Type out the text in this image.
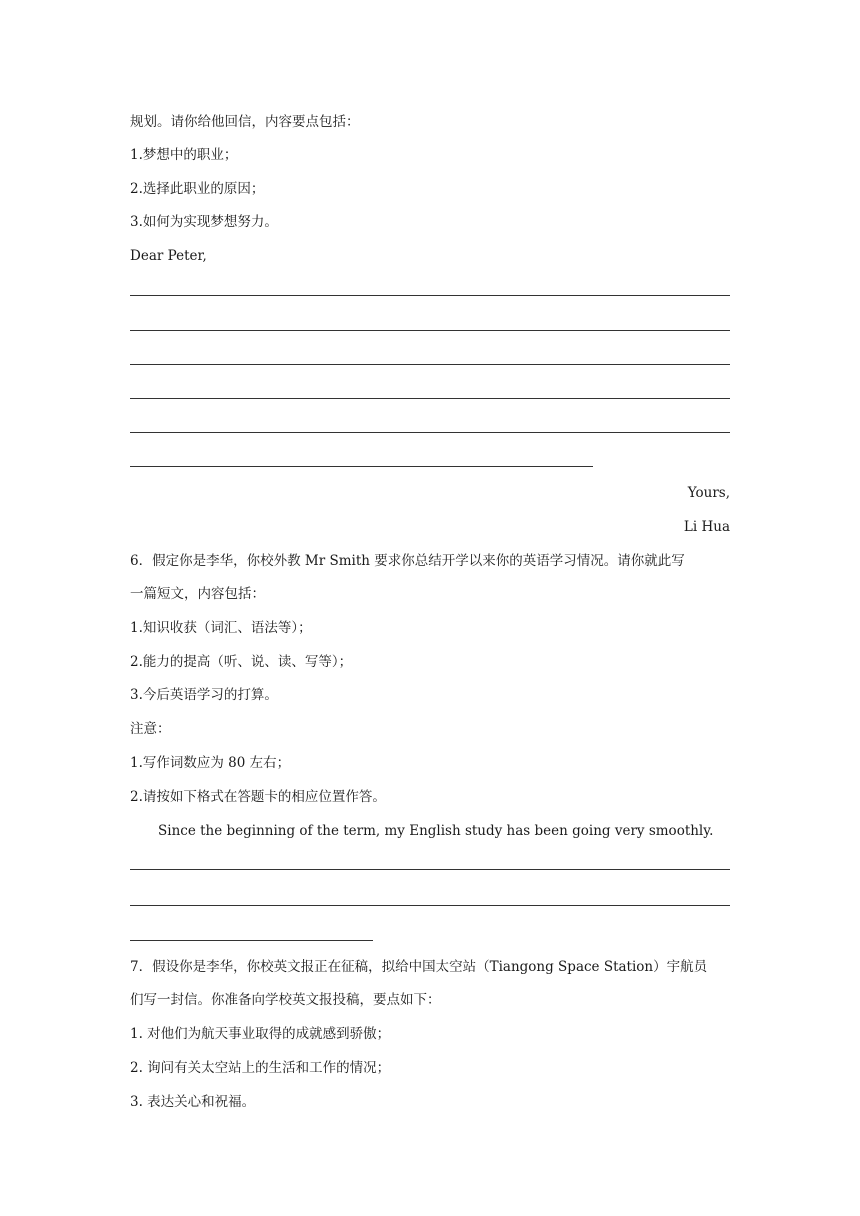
规划。请你给他回信，内容要点包括：
1.梦想中的职业；
2.选择此职业的原因；
3.如何为实现梦想努力。
Dear Peter,
Yours,
Li Hua
6．假定你是李华，你校外教 Mr Smith 要求你总结开学以来你的英语学习情况。请你就此写
一篇短文，内容包括：
1.知识收获（词汇、语法等）；
2.能力的提高（听、说、读、写等）；
3.今后英语学习的打算。
注意：
1.写作词数应为 80 左右；
2.请按如下格式在答题卡的相应位置作答。
Since the beginning of the term, my English study has been going very smoothly.
7．假设你是李华，你校英文报正在征稿，拟给中国太空站（Tiangong Space Station）宇航员
们写一封信。你准备向学校英文报投稿，要点如下：
1. 对他们为航天事业取得的成就感到骄傲；
2. 询问有关太空站上的生活和工作的情况；
3. 表达关心和祝福。
